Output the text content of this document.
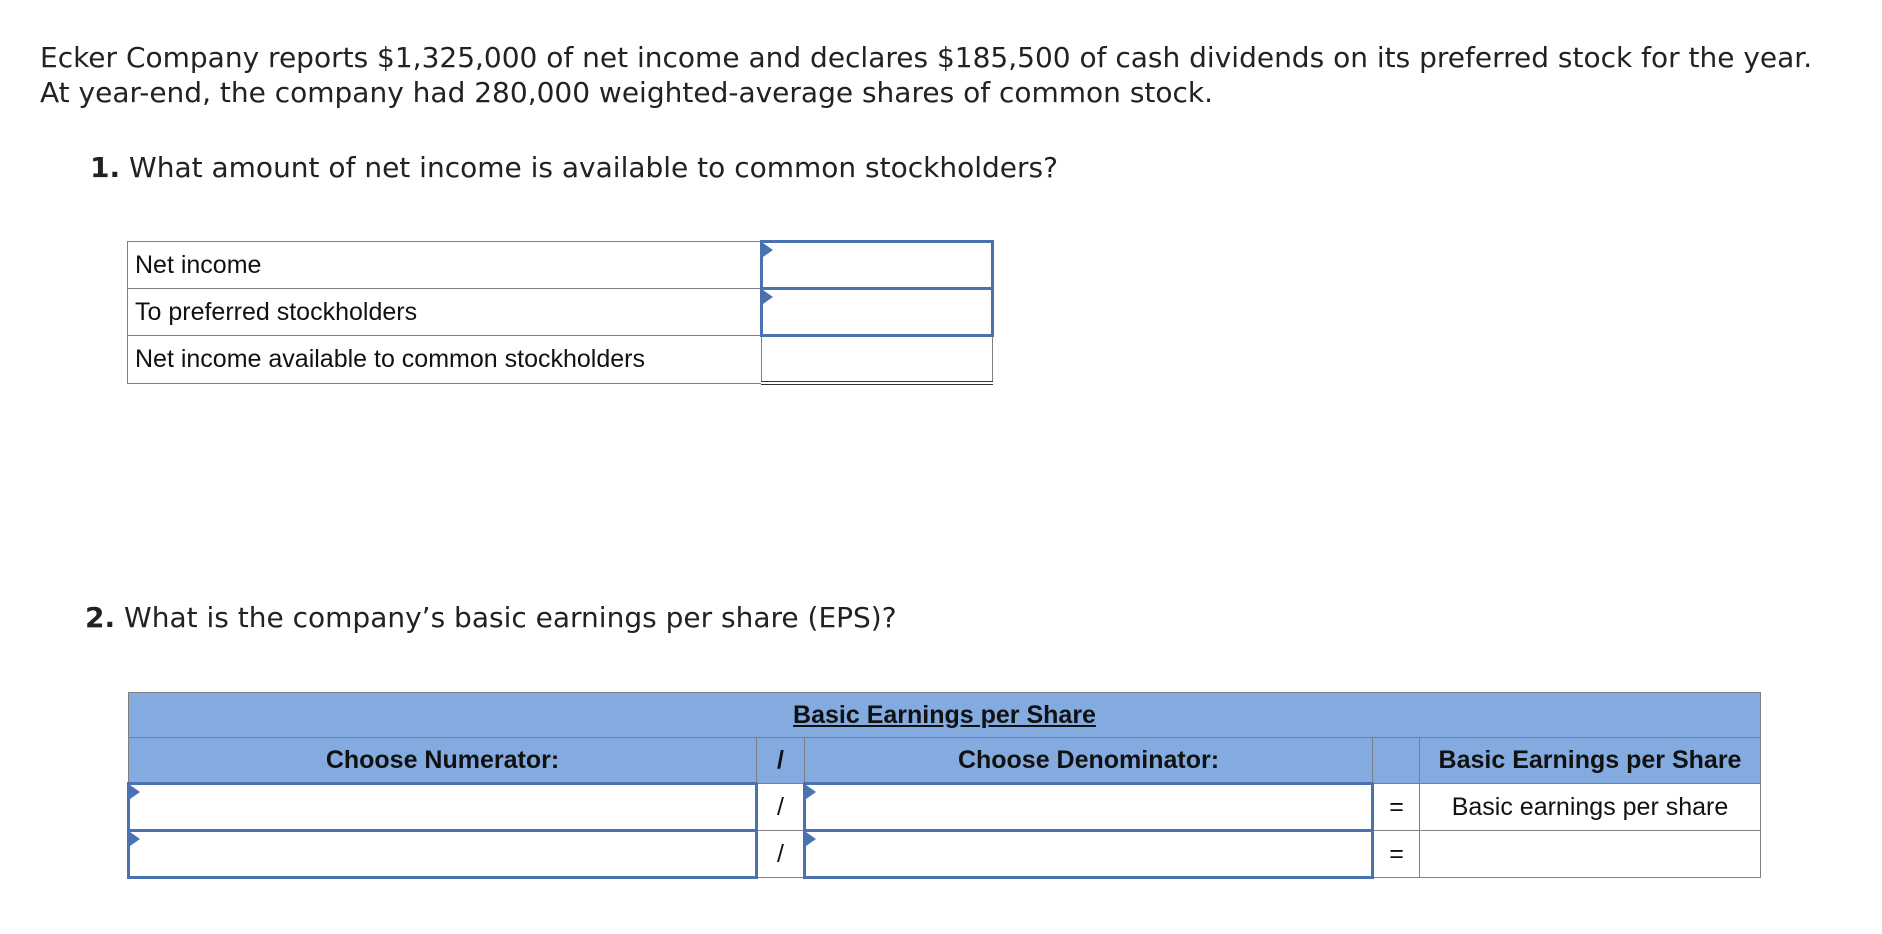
Ecker Company reports $1,325,000 of net income and declares $185,500 of cash dividends on its preferred stock for the year.
At year-end, the company had 280,000 weighted-average shares of common stock.
1. What amount of net income is available to common stockholders?
Net income	

To preferred stockholders	

Net income available to common stockholders	
2. What is the company’s basic earnings per share (EPS)?
Basic Earnings per Share				
Choose Numerator:	/	Choose Denominator:		Basic Earnings per Share

	/		=	Basic earnings per share

	/		=	
